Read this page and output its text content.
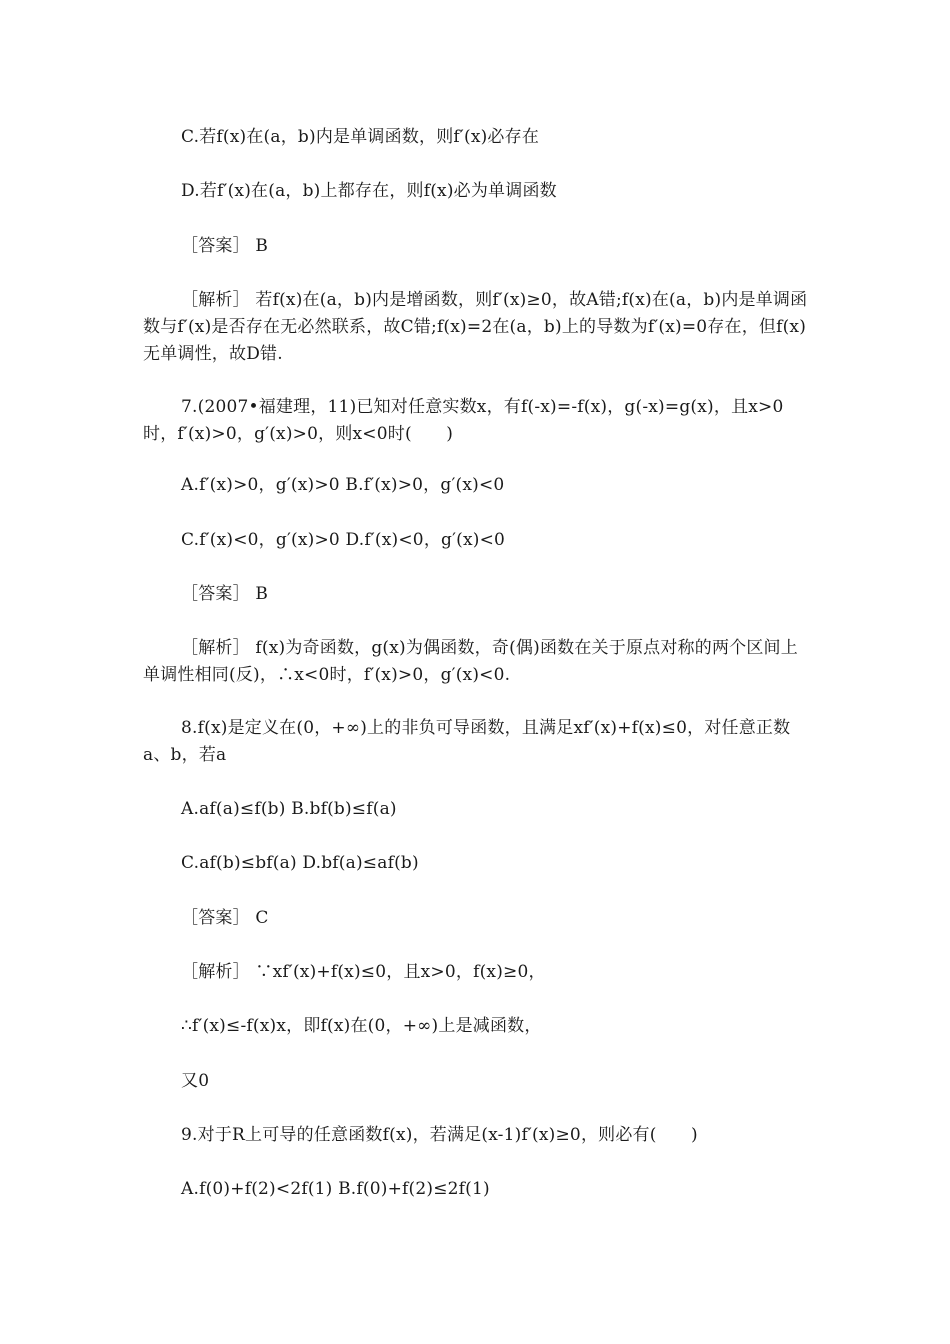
C.若f(x)在(a，b)内是单调函数，则f′(x)必存在

D.若f′(x)在(a，b)上都存在，则f(x)必为单调函数

［答案］ B

［解析］ 若f(x)在(a，b)内是增函数，则f′(x)≥0，故A错;f(x)在(a，b)内是单调函数与f′(x)是否存在无必然联系，故C错;f(x)=2在(a，b)上的导数为f′(x)=0存在，但f(x)无单调性，故D错.

7.(2007•福建理，11)已知对任意实数x，有f(-x)=-f(x)，g(-x)=g(x)，且x>0时，f′(x)>0，g′(x)>0，则x<0时(　　)

A.f′(x)>0，g′(x)>0 B.f′(x)>0，g′(x)<0

C.f′(x)<0，g′(x)>0 D.f′(x)<0，g′(x)<0

［答案］ B

［解析］ f(x)为奇函数，g(x)为偶函数，奇(偶)函数在关于原点对称的两个区间上单调性相同(反)，∴x<0时，f′(x)>0，g′(x)<0.

8.f(x)是定义在(0，+∞)上的非负可导函数，且满足xf′(x)+f(x)≤0，对任意正数a、b，若a

A.af(a)≤f(b) B.bf(b)≤f(a)

C.af(b)≤bf(a) D.bf(a)≤af(b)

［答案］ C

［解析］ ∵xf′(x)+f(x)≤0，且x>0，f(x)≥0，

∴f′(x)≤-f(x)x，即f(x)在(0，+∞)上是减函数，

又0

9.对于R上可导的任意函数f(x)，若满足(x-1)f′(x)≥0，则必有(　　)

A.f(0)+f(2)<2f(1) B.f(0)+f(2)≤2f(1)
